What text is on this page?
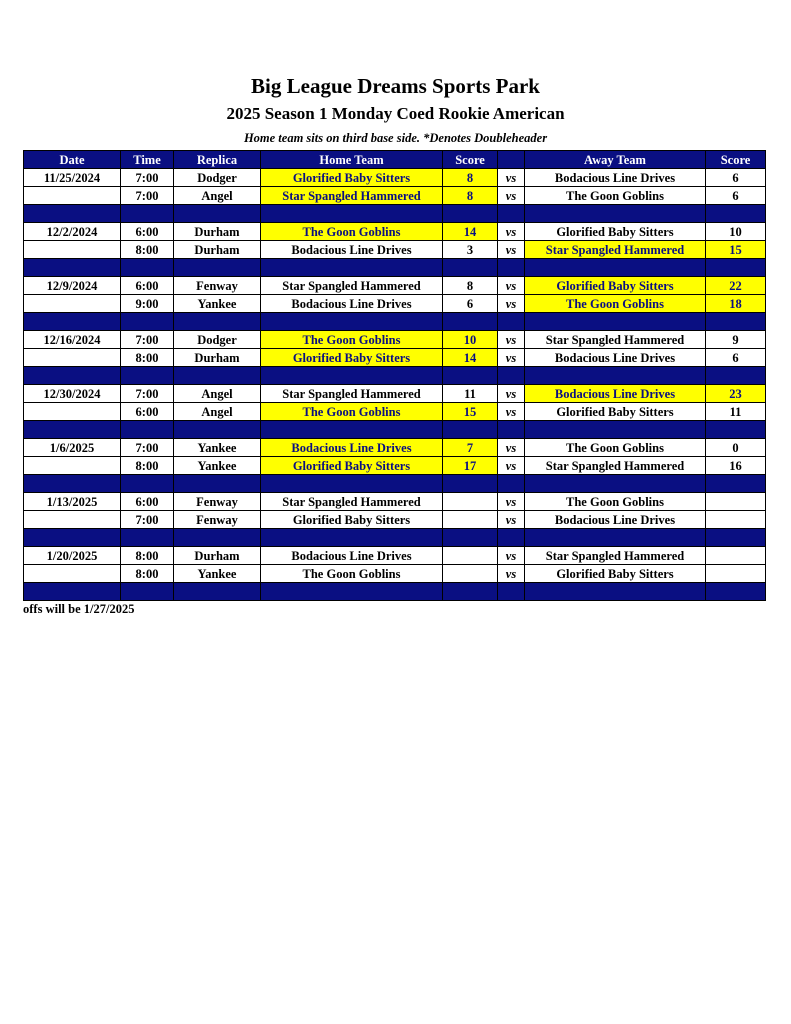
Big League Dreams Sports Park
2025 Season 1 Monday Coed Rookie American
Home team sits on third base side. *Denotes Doubleheader
Date	Time	Replica	Home Team	Score		Away Team	Score
11/25/2024	7:00	Dodger	Glorified Baby Sitters	8	vs	Bodacious Line Drives	6
	7:00	Angel	Star Spangled Hammered	8	vs	The Goon Goblins	6

12/2/2024	6:00	Durham	The Goon Goblins	14	vs	Glorified Baby Sitters	10
	8:00	Durham	Bodacious Line Drives	3	vs	Star Spangled Hammered	15

12/9/2024	6:00	Fenway	Star Spangled Hammered	8	vs	Glorified Baby Sitters	22
	9:00	Yankee	Bodacious Line Drives	6	vs	The Goon Goblins	18

12/16/2024	7:00	Dodger	The Goon Goblins	10	vs	Star Spangled Hammered	9
	8:00	Durham	Glorified Baby Sitters	14	vs	Bodacious Line Drives	6

12/30/2024	7:00	Angel	Star Spangled Hammered	11	vs	Bodacious Line Drives	23
	6:00	Angel	The Goon Goblins	15	vs	Glorified Baby Sitters	11

1/6/2025	7:00	Yankee	Bodacious Line Drives	7	vs	The Goon Goblins	0
	8:00	Yankee	Glorified Baby Sitters	17	vs	Star Spangled Hammered	16

1/13/2025	6:00	Fenway	Star Spangled Hammered		vs	The Goon Goblins	
	7:00	Fenway	Glorified Baby Sitters		vs	Bodacious Line Drives	

1/20/2025	8:00	Durham	Bodacious Line Drives		vs	Star Spangled Hammered	
	8:00	Yankee	The Goon Goblins		vs	Glorified Baby Sitters	

offs will be 1/27/2025
